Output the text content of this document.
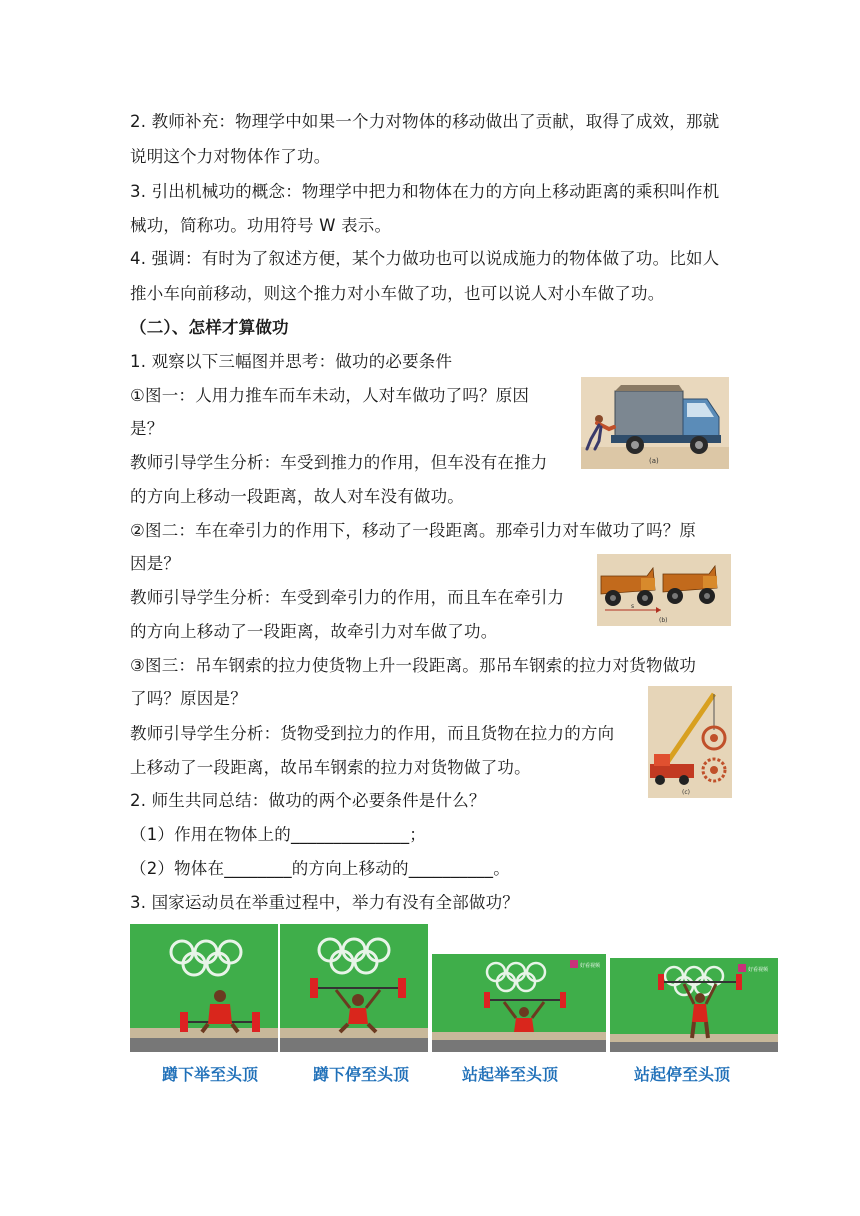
2. 教师补充：物理学中如果一个力对物体的移动做出了贡献，取得了成效，那就
说明这个力对物体作了功。
3. 引出机械功的概念：物理学中把力和物体在力的方向上移动距离的乘积叫作机
械功，简称功。功用符号 W 表示。
4. 强调：有时为了叙述方便，某个力做功也可以说成施力的物体做了功。比如人
推小车向前移动，则这个推力对小车做了功，也可以说人对小车做了功。
（二）、怎样才算做功
1. 观察以下三幅图并思考：做功的必要条件
①图一：人用力推车而车未动，人对车做功了吗？原因
是？
教师引导学生分析：车受到推力的作用，但车没有在推力
的方向上移动一段距离，故人对车没有做功。
②图二：车在牵引力的作用下，移动了一段距离。那牵引力对车做功了吗？原
因是？
教师引导学生分析：车受到牵引力的作用，而且车在牵引力
的方向上移动了一段距离，故牵引力对车做了功。
③图三：吊车钢索的拉力使货物上升一段距离。那吊车钢索的拉力对货物做功
了吗？原因是？
教师引导学生分析：货物受到拉力的作用，而且货物在拉力的方向
上移动了一段距离，故吊车钢索的拉力对货物做了功。
2. 师生共同总结：做功的两个必要条件是什么？
（1）作用在物体上的______________；
（2）物体在________的方向上移动的__________。
3. 国家运动员在举重过程中，举力有没有全部做功？
(a)
s
(b)
(c)
好看视频
好看视频
蹲下举至头顶	蹲下停至头顶	站起举至头顶	站起停至头顶
